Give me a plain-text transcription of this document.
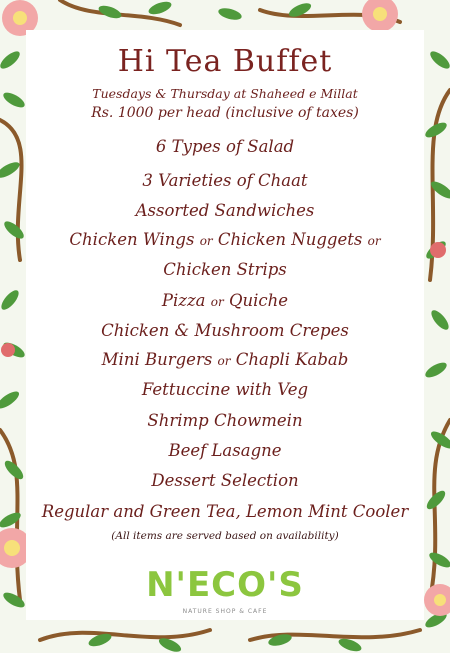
Hi Tea Buffet
Tuesdays & Thursday at Shaheed e Millat
Rs. 1000 per head (inclusive of taxes)
6 Types of Salad
3 Varieties of Chaat
Assorted Sandwiches
Chicken Wings or Chicken Nuggets or
Chicken Strips
Pizza or Quiche
Chicken & Mushroom Crepes
Mini Burgers or Chapli Kabab
Fettuccine with Veg
Shrimp Chowmein
Beef Lasagne
Dessert Selection
Regular and Green Tea, Lemon Mint Cooler
(All items are served based on availability)
N'ECO'S
NATURE SHOP & CAFE
